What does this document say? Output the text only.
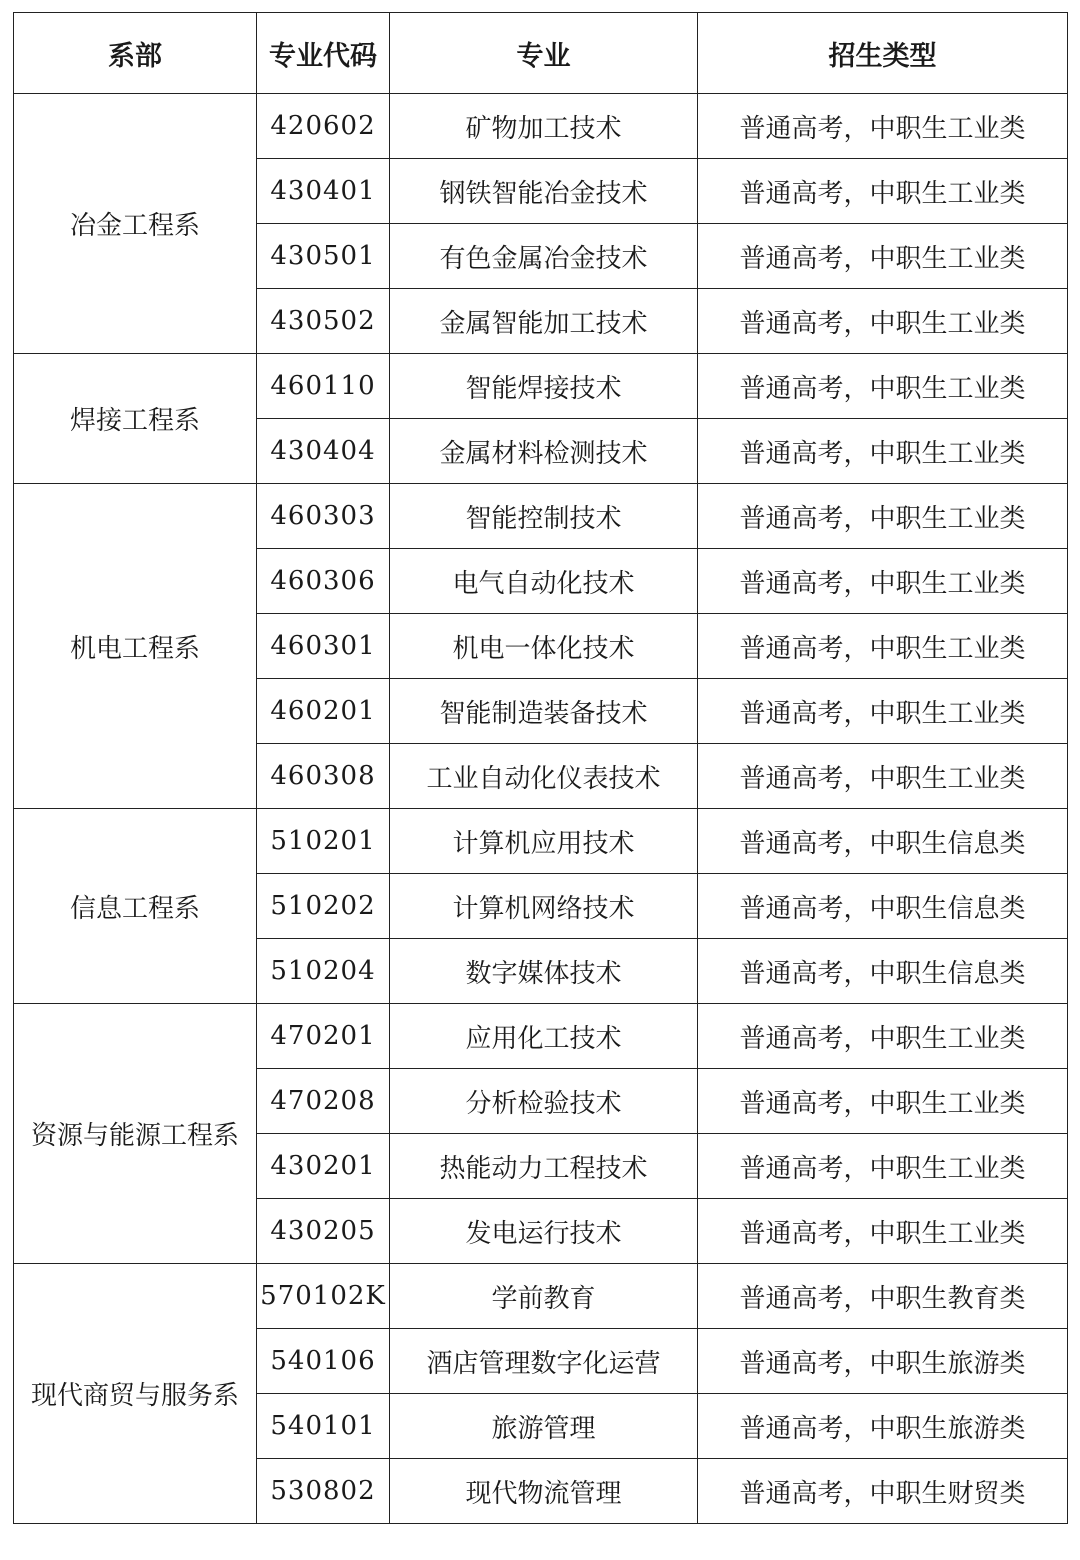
系部	专业代码	专业	招生类型
冶金工程系	420602	矿物加工技术	普通高考，中职生工业类
	430401	钢铁智能冶金技术	普通高考，中职生工业类
	430501	有色金属冶金技术	普通高考，中职生工业类
	430502	金属智能加工技术	普通高考，中职生工业类
焊接工程系	460110	智能焊接技术	普通高考，中职生工业类
	430404	金属材料检测技术	普通高考，中职生工业类
机电工程系	460303	智能控制技术	普通高考，中职生工业类
	460306	电气自动化技术	普通高考，中职生工业类
	460301	机电一体化技术	普通高考，中职生工业类
	460201	智能制造装备技术	普通高考，中职生工业类
	460308	工业自动化仪表技术	普通高考，中职生工业类
信息工程系	510201	计算机应用技术	普通高考，中职生信息类
	510202	计算机网络技术	普通高考，中职生信息类
	510204	数字媒体技术	普通高考，中职生信息类
资源与能源工程系	470201	应用化工技术	普通高考，中职生工业类
	470208	分析检验技术	普通高考，中职生工业类
	430201	热能动力工程技术	普通高考，中职生工业类
	430205	发电运行技术	普通高考，中职生工业类
现代商贸与服务系	570102K	学前教育	普通高考，中职生教育类
	540106	酒店管理数字化运营	普通高考，中职生旅游类
	540101	旅游管理	普通高考，中职生旅游类
	530802	现代物流管理	普通高考，中职生财贸类
